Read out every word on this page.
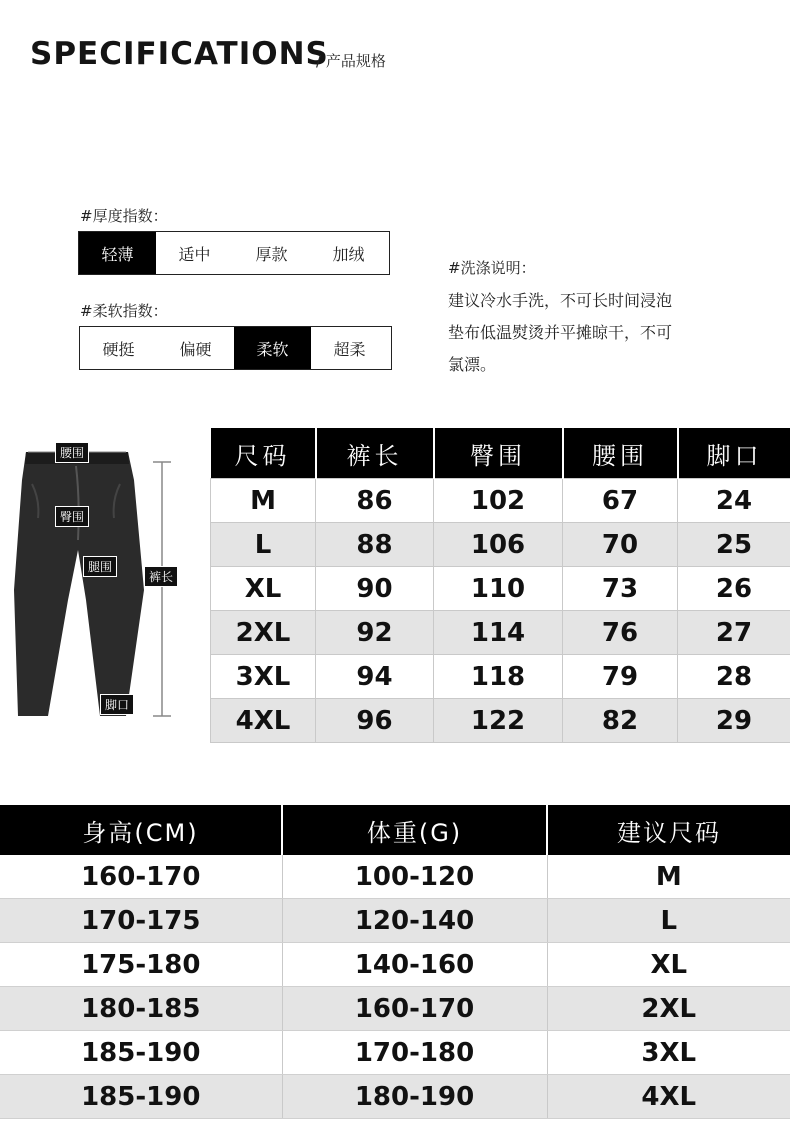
SPECIFICATIONS
/ 产品规格
#厚度指数：
轻薄	适中	厚款	加绒
#柔软指数：
硬挺	偏硬	柔软	超柔
#洗涤说明：
建议冷水手洗，不可长时间浸泡
垫布低温熨烫并平摊晾干，不可
氯漂。
腰围
臀围
腿围
裤长
脚口
尺码	裤长	臀围	腰围	脚口
M	86	102	67	24
L	88	106	70	25
XL	90	110	73	26
2XL	92	114	76	27
3XL	94	118	79	28
4XL	96	122	82	29
身高(CM)	体重(G)	建议尺码
160-170	100-120	M
170-175	120-140	L
175-180	140-160	XL
180-185	160-170	2XL
185-190	170-180	3XL
185-190	180-190	4XL
